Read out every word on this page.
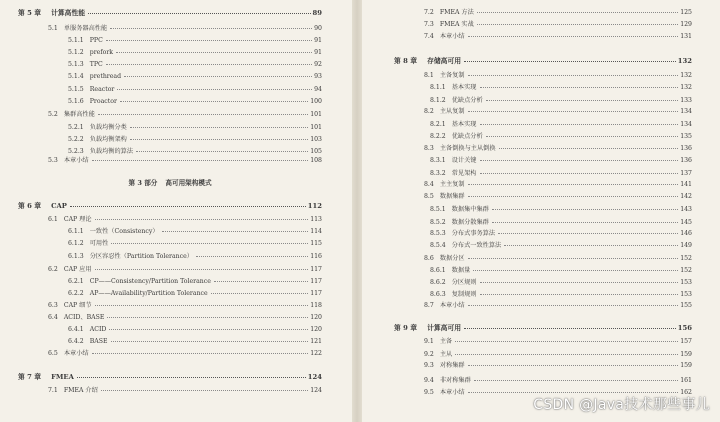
第 5 章 计算高性能	89
5.1 单服务器高性能	90
5.1.1 PPC	91
5.1.2 prefork	91
5.1.3 TPC	92
5.1.4 prethread	93
5.1.5 Reactor	94
5.1.6 Proactor	100
5.2 集群高性能	101
5.2.1 负载均衡分类	101
5.2.2 负载均衡架构	103
5.2.3 负载均衡的算法	105
5.3 本章小结	108
第 3 部分 高可用架构模式
第 6 章 CAP	112
6.1 CAP 理论	113
6.1.1 一致性（Consistency）	114
6.1.2 可用性	115
6.1.3 分区容忍性（Partition Tolerance）	116
6.2 CAP 应用	117
6.2.1 CP——Consistency/Partition Tolerance	117
6.2.2 AP——Availability/Partition Tolerance	117
6.3 CAP 细节	118
6.4 ACID、BASE	120
6.4.1 ACID	120
6.4.2 BASE	121
6.5 本章小结	122
第 7 章 FMEA	124
7.1 FMEA 介绍	124
7.2 FMEA 方法	125
7.3 FMEA 实战	129
7.4 本章小结	131
第 8 章 存储高可用	132
8.1 主备复制	132
8.1.1 基本实现	132
8.1.2 优缺点分析	133
8.2 主从复制	134
8.2.1 基本实现	134
8.2.2 优缺点分析	135
8.3 主备倒换与主从倒换	136
8.3.1 设计关键	136
8.3.2 常见架构	137
8.4 主主复制	141
8.5 数据集群	142
8.5.1 数据集中集群	143
8.5.2 数据分散集群	145
8.5.3 分布式事务算法	146
8.5.4 分布式一致性算法	149
8.6 数据分区	152
8.6.1 数据量	152
8.6.2 分区规则	153
8.6.3 复制规则	153
8.7 本章小结	155
第 9 章 计算高可用	156
9.1 主备	157
9.2 主从	159
9.3 对称集群	159
9.4 非对称集群	161
9.5 本章小结	162
CSDN @Java技术那些事儿
